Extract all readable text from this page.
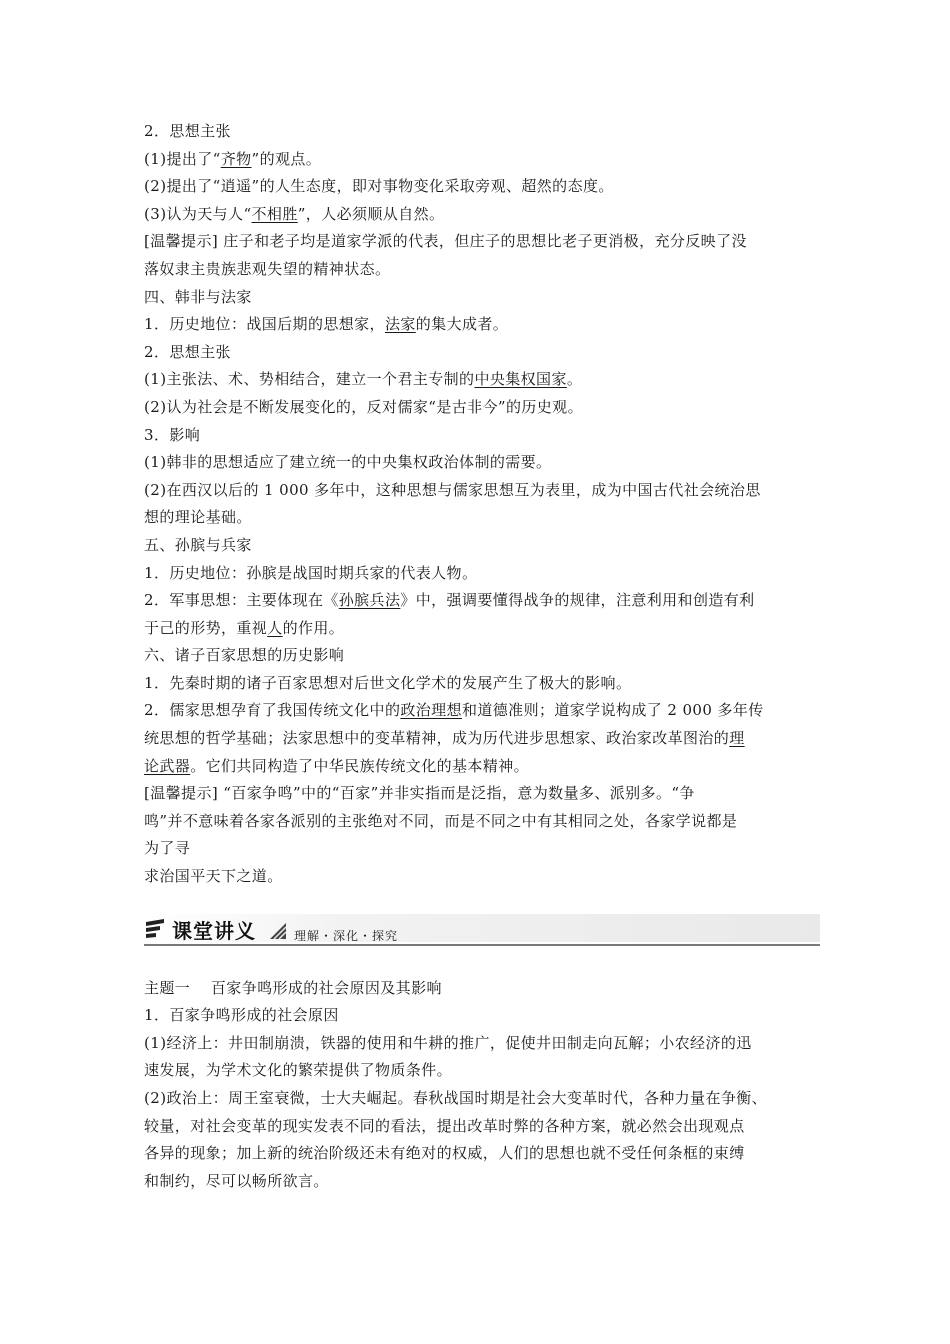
2．思想主张
(1)提出了“齐物”的观点。
(2)提出了“逍遥”的人生态度，即对事物变化采取旁观、超然的态度。
(3)认为天与人“不相胜”，人必须顺从自然。
[温馨提示] 庄子和老子均是道家学派的代表，但庄子的思想比老子更消极，充分反映了没
落奴隶主贵族悲观失望的精神状态。
四、韩非与法家
1．历史地位：战国后期的思想家，法家的集大成者。
2．思想主张
(1)主张法、术、势相结合，建立一个君主专制的中央集权国家。
(2)认为社会是不断发展变化的，反对儒家“是古非今”的历史观。
3．影响
(1)韩非的思想适应了建立统一的中央集权政治体制的需要。
(2)在西汉以后的 1 000 多年中，这种思想与儒家思想互为表里，成为中国古代社会统治思
想的理论基础。
五、孙膑与兵家
1．历史地位：孙膑是战国时期兵家的代表人物。
2．军事思想：主要体现在《孙膑兵法》中，强调要懂得战争的规律，注意利用和创造有利
于己的形势，重视人的作用。
六、诸子百家思想的历史影响
1．先秦时期的诸子百家思想对后世文化学术的发展产生了极大的影响。
2．儒家思想孕育了我国传统文化中的政治理想和道德准则；道家学说构成了 2 000 多年传
统思想的哲学基础；法家思想中的变革精神，成为历代进步思想家、政治家改革图治的理
论武器。它们共同构造了中华民族传统文化的基本精神。
[温馨提示] “百家争鸣”中的“百家”并非实指而是泛指，意为数量多、派别多。“争
鸣”并不意味着各家各派别的主张绝对不同，而是不同之中有其相同之处，各家学说都是
为了寻
求治国平天下之道。
课堂讲义	理解・深化・探究
主题一    百家争鸣形成的社会原因及其影响
1．百家争鸣形成的社会原因
(1)经济上：井田制崩溃，铁器的使用和牛耕的推广，促使井田制走向瓦解；小农经济的迅
速发展，为学术文化的繁荣提供了物质条件。
(2)政治上：周王室衰微，士大夫崛起。春秋战国时期是社会大变革时代，各种力量在争衡、
较量，对社会变革的现实发表不同的看法，提出改革时弊的各种方案，就必然会出现观点
各异的现象；加上新的统治阶级还未有绝对的权威，人们的思想也就不受任何条框的束缚
和制约，尽可以畅所欲言。
